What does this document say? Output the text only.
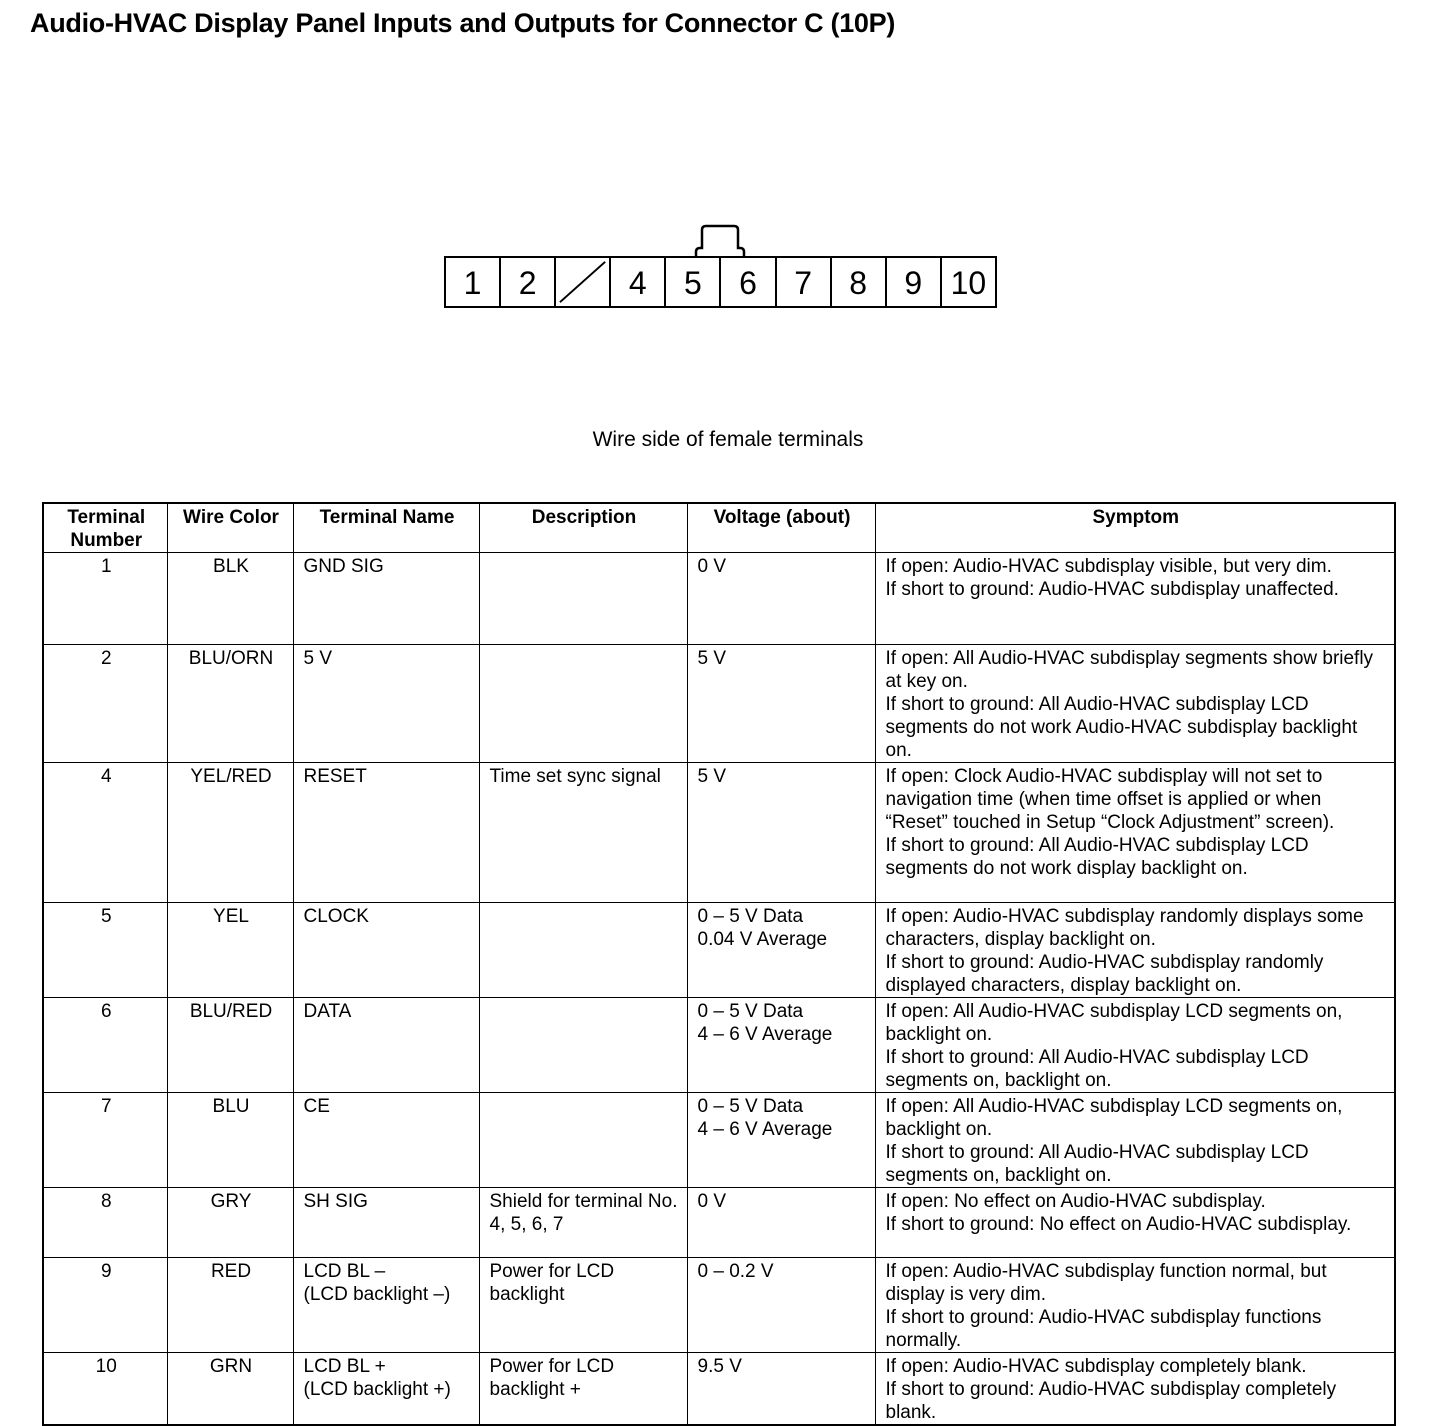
Audio-HVAC Display Panel Inputs and Outputs for Connector C (10P)
1	2	4	5	6	7	8	9 10
Wire side of female terminals
Terminal Number	Wire Color	Terminal Name	Description	Voltage (about)	Symptom
1	BLK	GND SIG		0 V	If open: Audio-HVAC subdisplay visible, but very dim.
If short to ground: Audio-HVAC subdisplay unaffected.

2	BLU/ORN	5 V		5 V	If open: All Audio-HVAC subdisplay segments show briefly at key on.
If short to ground: All Audio-HVAC subdisplay LCD segments do not work Audio-HVAC subdisplay backlight on.

4	YEL/RED	RESET	Time set sync signal	5 V	If open: Clock Audio-HVAC subdisplay will not set to navigation time (when time offset is applied or when “Reset” touched in Setup “Clock Adjustment” screen).
If short to ground: All Audio-HVAC subdisplay LCD segments do not work display backlight on.

5	YEL	CLOCK		0 – 5 V Data
0.04 V Average	If open: Audio-HVAC subdisplay randomly displays some characters, display backlight on.
If short to ground: Audio-HVAC subdisplay randomly displayed characters, display backlight on.

6	BLU/RED	DATA		0 – 5 V Data
4 – 6 V Average	If open: All Audio-HVAC subdisplay LCD segments on, backlight on.
If short to ground: All Audio-HVAC subdisplay LCD segments on, backlight on.

7	BLU	CE		0 – 5 V Data
4 – 6 V Average	If open: All Audio-HVAC subdisplay LCD segments on, backlight on.
If short to ground: All Audio-HVAC subdisplay LCD segments on, backlight on.

8	GRY	SH SIG	Shield for terminal No. 4, 5, 6, 7	0 V	If open: No effect on Audio-HVAC subdisplay.
If short to ground: No effect on Audio-HVAC subdisplay.

9	RED	LCD BL –
(LCD backlight –)	Power for LCD backlight	0 – 0.2 V	If open: Audio-HVAC subdisplay function normal, but display is very dim.
If short to ground: Audio-HVAC subdisplay functions normally.

10	GRN	LCD BL +
(LCD backlight +)	Power for LCD backlight +	9.5 V	If open: Audio-HVAC subdisplay completely blank.
If short to ground: Audio-HVAC subdisplay completely blank.
